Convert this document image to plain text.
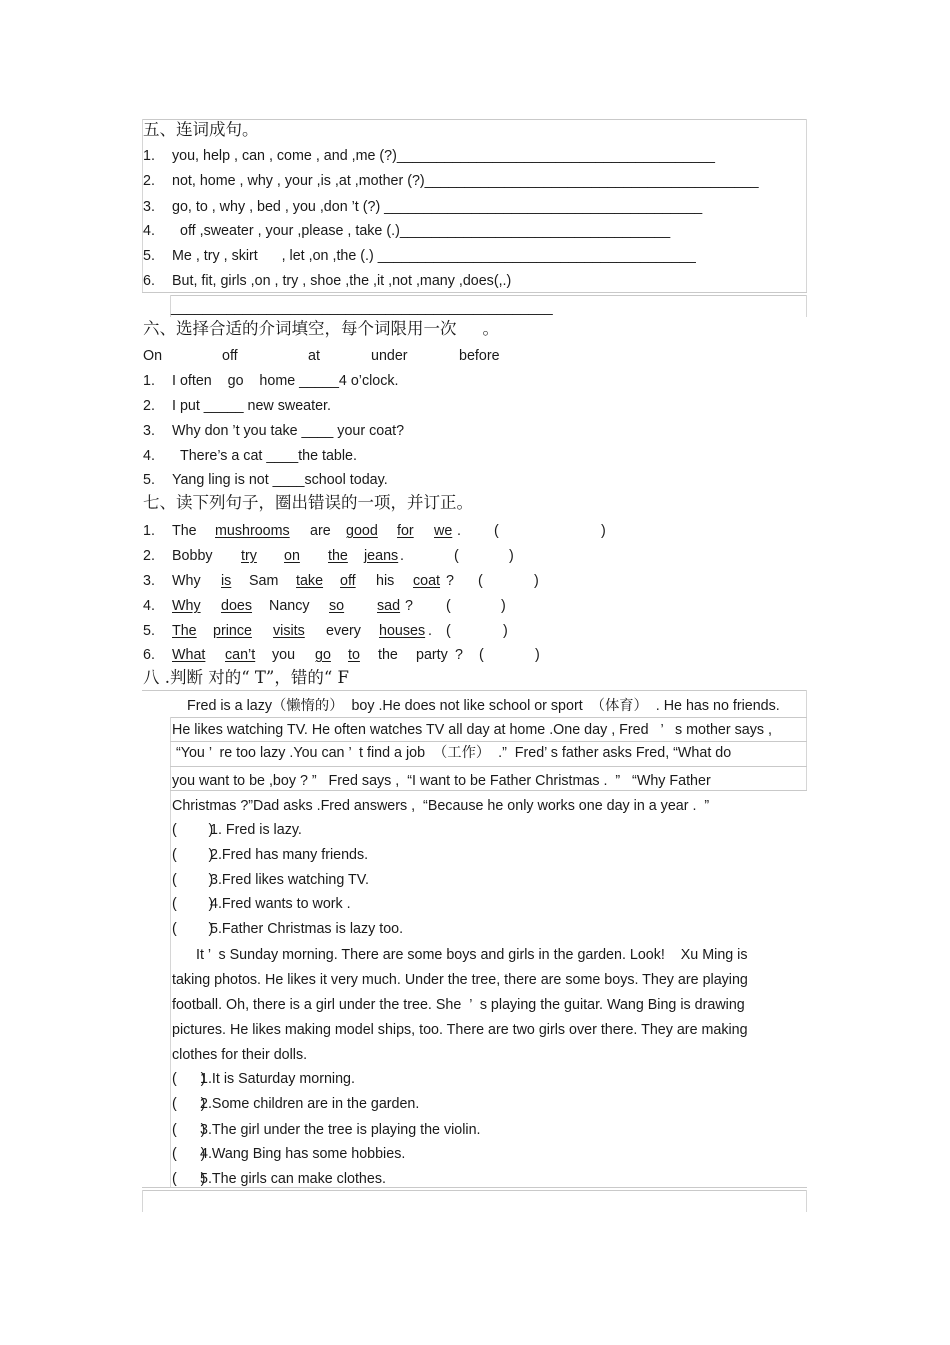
五、连词成句。
1. you, help , can , come , and ,me (?)________________________________________
2. not, home , why , your ,is ,at ,mother (?)__________________________________________
3. go, to , why , bed , you ,don ’t (?) ________________________________________
4. off ,sweater , your ,please , take (.)__________________________________
5. Me , try , skirt      , let ,on ,the (.) ________________________________________
6. But, fit, girls ,on , try , shoe ,the ,it ,not ,many ,does(,.)
________________________________________________
六、选择合适的介词填空，每个词限用一次 。
On	off	at	under	before
1. I often    go    home _____4 o’clock.
2. I put _____ new sweater.
3. Why don ’t you take ____ your coat?
4. There’s a cat ____the table.
5. Yang ling is not ____school today.
七、读下列句子，圈出错误的一项，并订正。
1. The mushrooms are good for we . (	)
2. Bobby try on the jeans .	(	)
3. Why is Sam take off his coat ? (	)
4. Why does Nancy so sad ? (	)
5. The prince visits every houses . (	)
6. What can’t you go to the party ? (	)
八 .判断 对的“ T”，错的“ F
Fred is a lazy（懒惰的）  boy .He does not like school or sport  （体育）  . He has no friends.
He likes watching TV. He often watches TV all day at home .One day , Fred   ’   s mother says ,
“You ’  re too lazy .You can ’  t find a job  （工作）  .”  Fred’ s father asks Fred, “What do
you want to be ,boy ? ”   Fred says ,  “I want to be Father Christmas .  ”   “Why Father
Christmas ?”Dad asks .Fred answers ,  “Because he only works one day in a year .  ”
(        )
1. Fred is lazy.
(        )
2.Fred has many friends.
(        )
3.Fred likes watching TV.
(        )
4.Fred wants to work .
(        )
5.Father Christmas is lazy too.
It ’  s Sunday morning. There are some boys and girls in the garden. Look!    Xu Ming is
taking photos. He likes it very much. Under the tree, there are some boys. They are playing
football. Oh, there is a girl under the tree. She  ’  s playing the guitar. Wang Bing is drawing
pictures. He likes making model ships, too. There are two girls over there. They are making
clothes for their dolls.
(      )
1.It is Saturday morning.
(      )
2.Some children are in the garden.
(      )
3.The girl under the tree is playing the violin.
(      )
4.Wang Bing has some hobbies.
(      )
5.The girls can make clothes.
